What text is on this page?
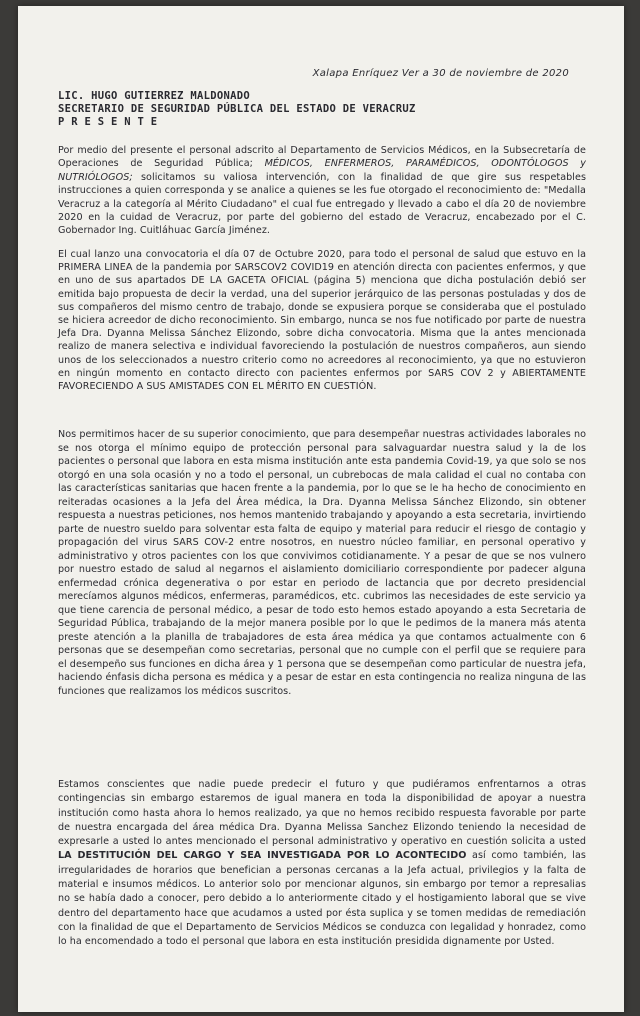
Xalapa Enríquez Ver a 30 de noviembre de 2020

LIC. HUGO GUTIERREZ MALDONADO
SECRETARIO DE SEGURIDAD PÚBLICA DEL ESTADO DE VERACRUZ
P R E S E N T E

Por medio del presente el personal adscrito al Departamento de Servicios Médicos, en la Subsecretaría de Operaciones de Seguridad Pública; MÉDICOS, ENFERMEROS, PARAMÉDICOS, ODONTÓLOGOS y NUTRIÓLOGOS; solicitamos su valiosa intervención, con la finalidad de que gire sus respetables instrucciones a quien corresponda y se analice a quienes se les fue otorgado el reconocimiento de: "Medalla Veracruz a la categoría al Mérito Ciudadano" el cual fue entregado y llevado a cabo el día 20 de noviembre 2020 en la cuidad de Veracruz, por parte del gobierno del estado de Veracruz, encabezado por el C. Gobernador Ing. Cuitláhuac García Jiménez.

El cual lanzo una convocatoria el día 07 de Octubre 2020, para todo el personal de salud que estuvo en la PRIMERA LINEA de la pandemia por SARSCOV2 COVID19 en atención directa con pacientes enfermos, y que en uno de sus apartados DE LA GACETA OFICIAL (página 5) menciona que dicha postulación debió ser emitida bajo propuesta de decir la verdad, una del superior jerárquico de las personas postuladas y dos de sus compañeros del mismo centro de trabajo, donde se expusiera porque se consideraba que el postulado se hiciera acreedor de dicho reconocimiento. Sin embargo, nunca se nos fue notificado por parte de nuestra Jefa Dra. Dyanna Melissa Sánchez Elizondo, sobre dicha convocatoria. Misma que la antes mencionada realizo de manera selectiva e individual favoreciendo la postulación de nuestros compañeros, aun siendo unos de los seleccionados a nuestro criterio como no acreedores al reconocimiento, ya que no estuvieron en ningún momento en contacto directo con pacientes enfermos por SARS COV 2 y ABIERTAMENTE FAVORECIENDO A SUS AMISTADES CON EL MÉRITO EN CUESTIÓN.

Nos permitimos hacer de su superior conocimiento, que para desempeñar nuestras actividades laborales no se nos otorga el mínimo equipo de protección personal para salvaguardar nuestra salud y la de los pacientes o personal que labora en esta misma institución ante esta pandemia Covid-19, ya que solo se nos otorgó en una sola ocasión y no a todo el personal, un cubrebocas de mala calidad el cual no contaba con las características sanitarias que hacen frente a la pandemia, por lo que se le ha hecho de conocimiento en reiteradas ocasiones a la Jefa del Área médica, la Dra. Dyanna Melissa Sánchez Elizondo, sin obtener respuesta a nuestras peticiones, nos hemos mantenido trabajando y apoyando a esta secretaria, invirtiendo parte de nuestro sueldo para solventar esta falta de equipo y material para reducir el riesgo de contagio y propagación del virus SARS COV-2 entre nosotros, en nuestro núcleo familiar, en personal operativo y administrativo y otros pacientes con los que convivimos cotidianamente. Y a pesar de que se nos vulnero por nuestro estado de salud al negarnos el aislamiento domiciliario correspondiente por padecer alguna enfermedad crónica degenerativa o por estar en periodo de lactancia que por decreto presidencial merecíamos algunos médicos, enfermeras, paramédicos, etc. cubrimos las necesidades de este servicio ya que tiene carencia de personal médico, a pesar de todo esto hemos estado apoyando a esta Secretaria de Seguridad Pública, trabajando de la mejor manera posible por lo que le pedimos de la manera más atenta preste atención a la planilla de trabajadores de esta área médica ya que contamos actualmente con 6 personas que se desempeñan como secretarias, personal que no cumple con el perfil que se requiere para el desempeño sus funciones en dicha área y 1 persona que se desempeñan como particular de nuestra jefa, haciendo énfasis dicha persona es médica y a pesar de estar en esta contingencia no realiza ninguna de las funciones que realizamos los médicos suscritos.

Estamos conscientes que nadie puede predecir el futuro y que pudiéramos enfrentarnos a otras contingencias sin embargo estaremos de igual manera en toda la disponibilidad de apoyar a nuestra institución como hasta ahora lo hemos realizado, ya que no hemos recibido respuesta favorable por parte de nuestra encargada del área médica Dra. Dyanna Melissa Sanchez Elizondo teniendo la necesidad de expresarle a usted lo antes mencionado el personal administrativo y operativo en cuestión solicita a usted LA DESTITUCIÓN DEL CARGO Y SEA INVESTIGADA POR LO ACONTECIDO así como también, las irregularidades de horarios que benefician a personas cercanas a la Jefa actual, privilegios y la falta de material e insumos médicos. Lo anterior solo por mencionar algunos, sin embargo por temor a represalias no se había dado a conocer, pero debido a lo anteriormente citado y el hostigamiento laboral que se vive dentro del departamento hace que acudamos a usted por ésta suplica y se tomen medidas de remediación con la finalidad de que el Departamento de Servicios Médicos se conduzca con legalidad y honradez, como lo ha encomendado a todo el personal que labora en esta institución presidida dignamente por Usted.
